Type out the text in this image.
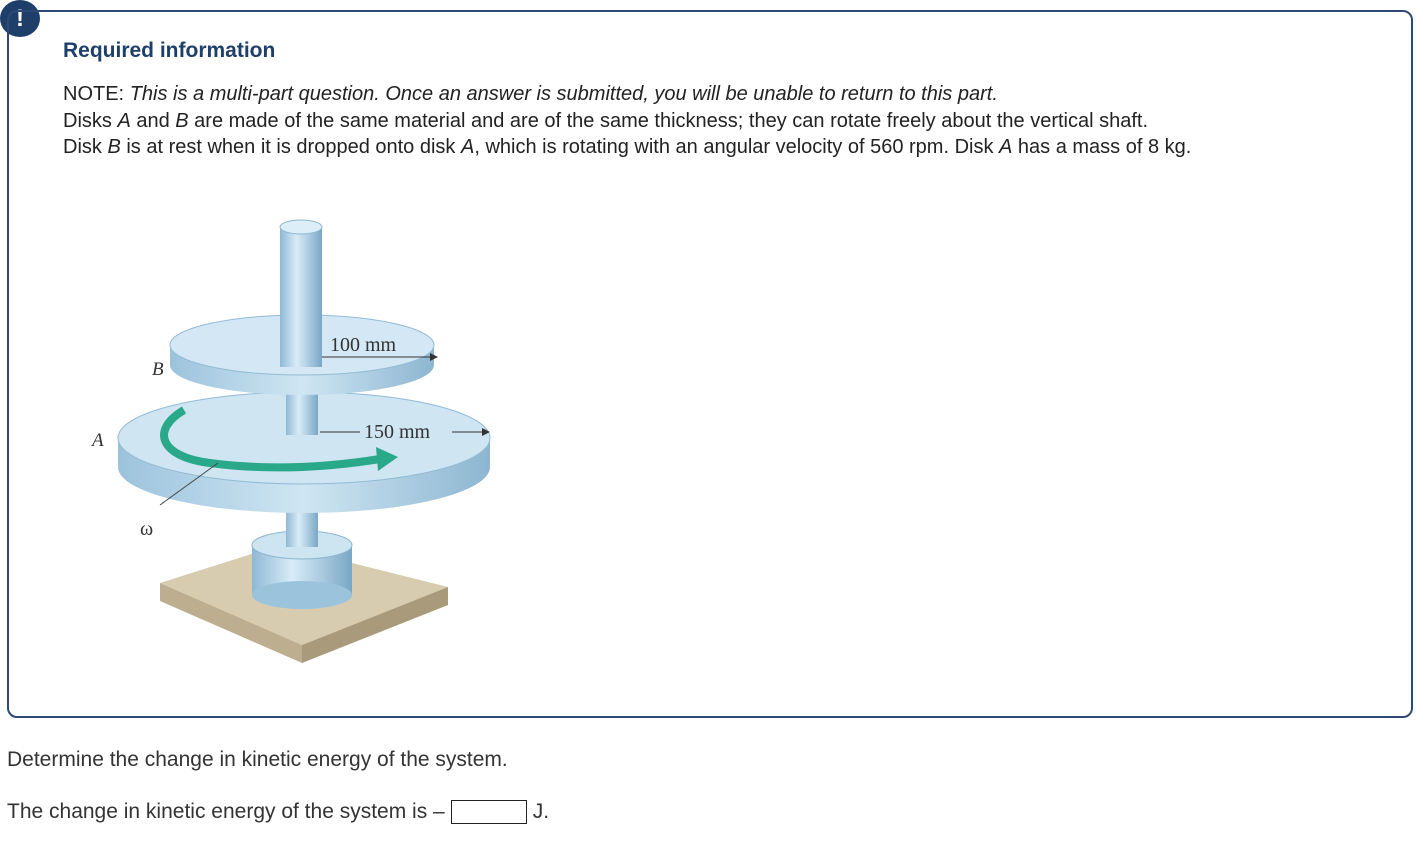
!
Required information

NOTE: This is a multi-part question. Once an answer is submitted, you will be unable to return to this part.

Disks A and B are made of the same material and are of the same thickness; they can rotate freely about the vertical shaft.

Disk B is at rest when it is dropped onto disk A, which is rotating with an angular velocity of 560 rpm. Disk A has a mass of 8 kg.

B
A
ω
100 mm
150 mm
Determine the change in kinetic energy of the system.
The change in kinetic energy of the system is –	J.
